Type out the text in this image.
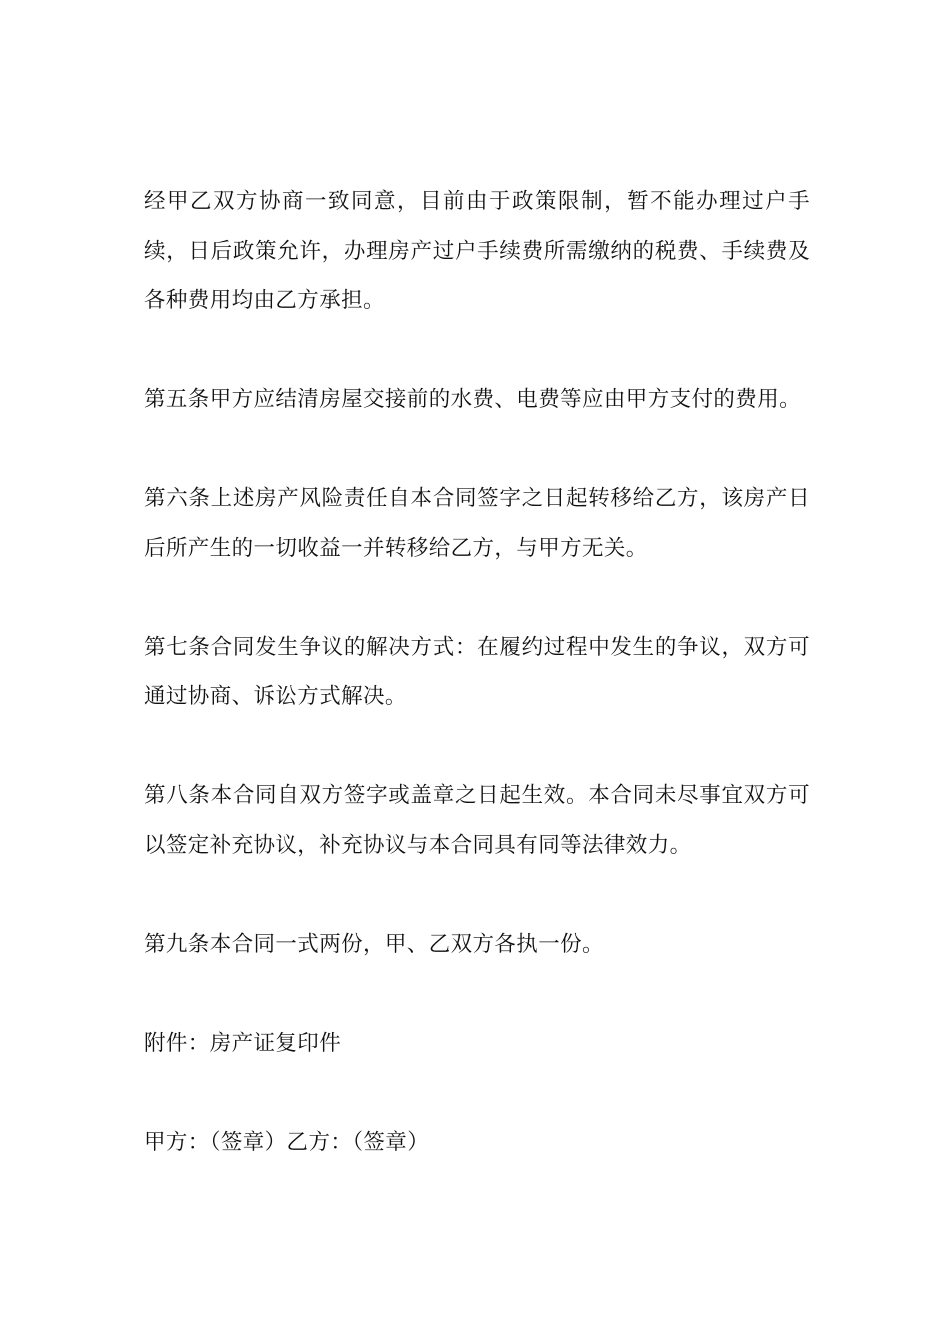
经甲乙双方协商一致同意，目前由于政策限制，暂不能办理过户手续，日后政策允许，办理房产过户手续费所需缴纳的税费、手续费及各种费用均由乙方承担。

第五条甲方应结清房屋交接前的水费、电费等应由甲方支付的费用。

第六条上述房产风险责任自本合同签字之日起转移给乙方，该房产日后所产生的一切收益一并转移给乙方，与甲方无关。

第七条合同发生争议的解决方式：在履约过程中发生的争议，双方可通过协商、诉讼方式解决。

第八条本合同自双方签字或盖章之日起生效。本合同未尽事宜双方可以签定补充协议，补充协议与本合同具有同等法律效力。

第九条本合同一式两份，甲、乙双方各执一份。

附件：房产证复印件

甲方：（签章）乙方：（签章）
